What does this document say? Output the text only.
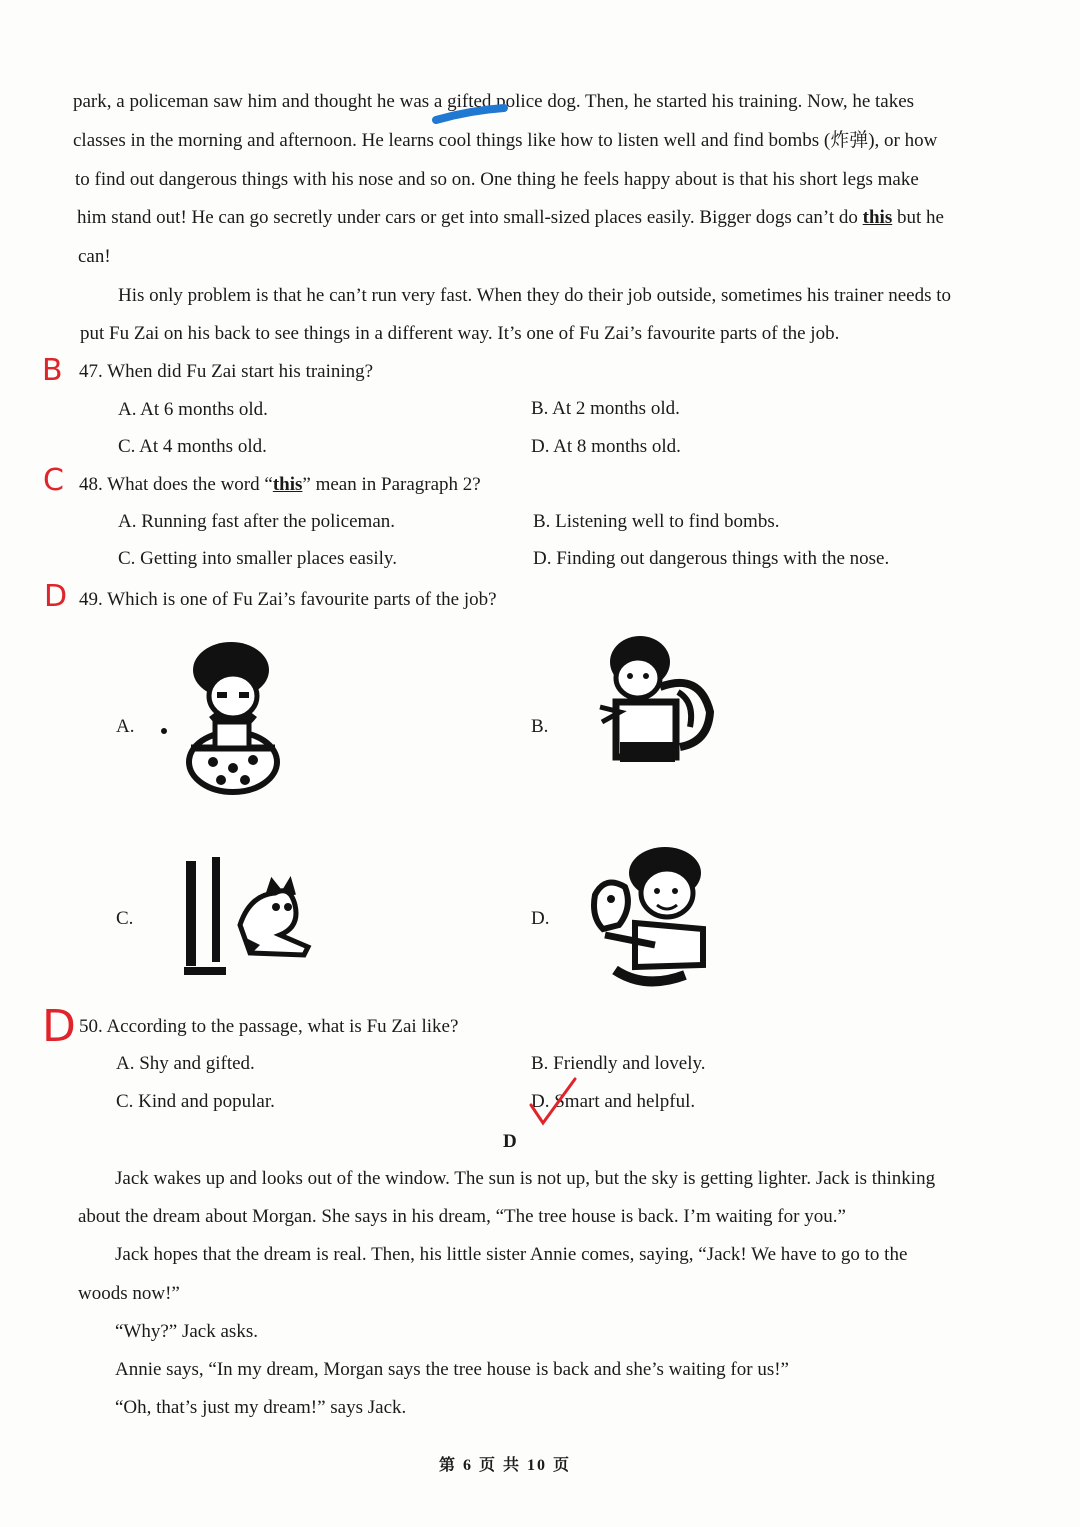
park, a policeman saw him and thought he was a gifted police dog. Then, he started his training. Now, he takes
classes in the morning and afternoon. He learns cool things like how to listen well and find bombs (炸弹), or how
to find out dangerous things with his nose and so on. One thing he feels happy about is that his short legs make
him stand out! He can go secretly under cars or get into small-sized places easily. Bigger dogs can’t do this but he
can!
His only problem is that he can’t run very fast. When they do their job outside, sometimes his trainer needs to
put Fu Zai on his back to see things in a different way. It’s one of Fu Zai’s favourite parts of the job.
B 47. When did Fu Zai start his training?
A. At 6 months old.	B. At 2 months old.
C. At 4 months old.	D. At 8 months old.
C 48. What does the word “this” mean in Paragraph 2?
A. Running fast after the policeman.	B. Listening well to find bombs.
C. Getting into smaller places easily.	D. Finding out dangerous things with the nose.
D 49. Which is one of Fu Zai’s favourite parts of the job?
A.	B.
C.	D.
D 50. According to the passage, what is Fu Zai like?
A. Shy and gifted.	B. Friendly and lovely.
C. Kind and popular.	D. Smart and helpful.
D
Jack wakes up and looks out of the window. The sun is not up, but the sky is getting lighter. Jack is thinking
about the dream about Morgan. She says in his dream, “The tree house is back. I’m waiting for you.”
Jack hopes that the dream is real. Then, his little sister Annie comes, saying, “Jack! We have to go to the
woods now!”
“Why?” Jack asks.
Annie says, “In my dream, Morgan says the tree house is back and she’s waiting for us!”
“Oh, that’s just my dream!” says Jack.
第 6 页 共 10 页
